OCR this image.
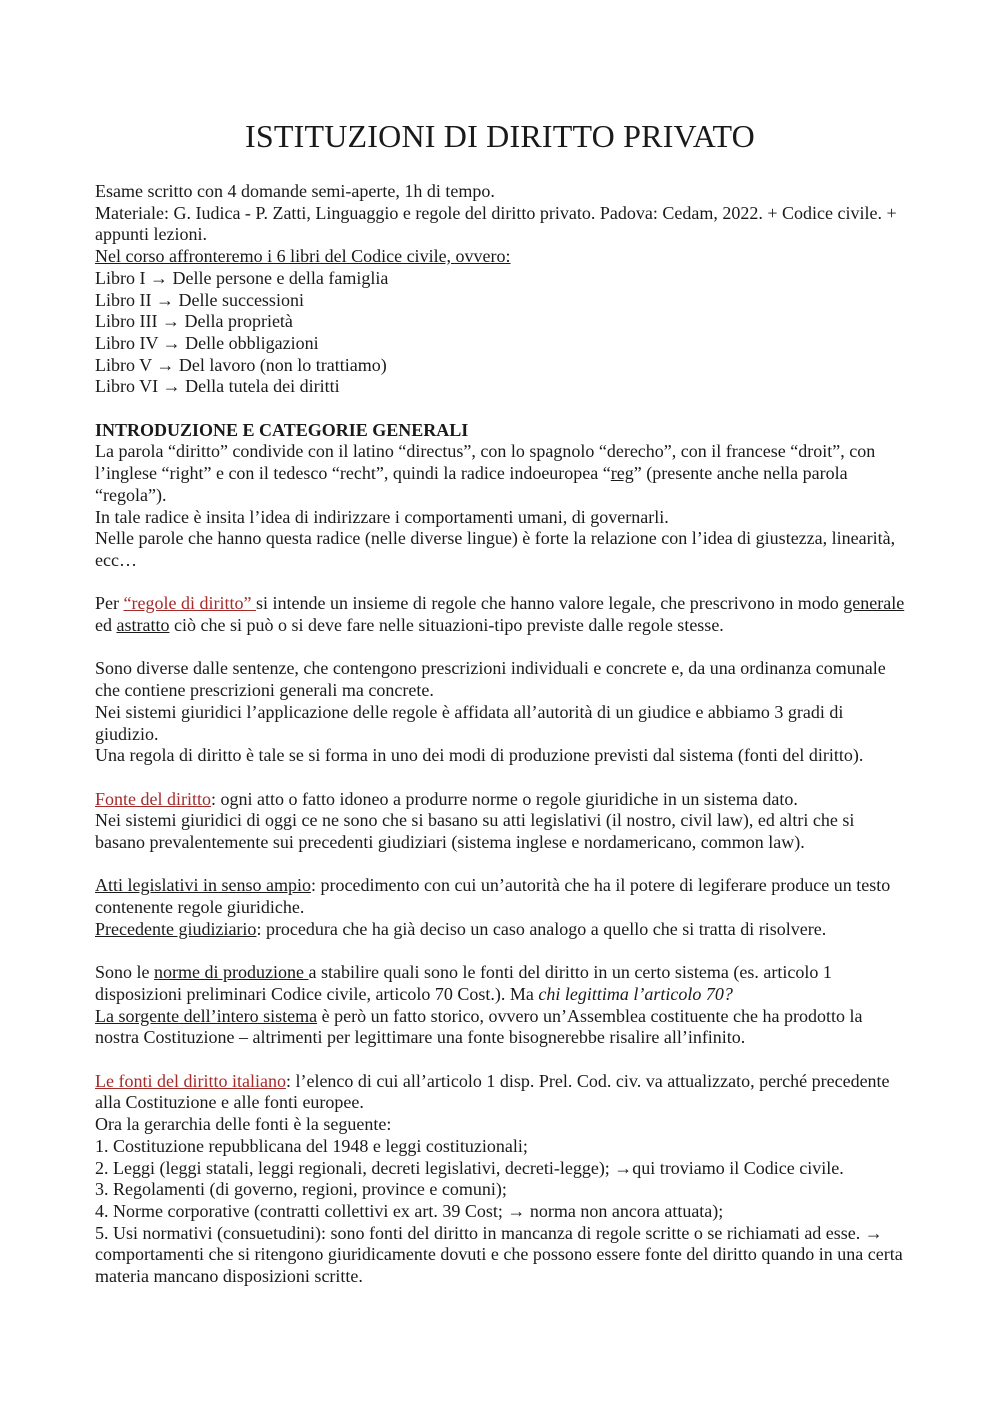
ISTITUZIONI DI DIRITTO PRIVATO

Esame scritto con 4 domande semi-aperte, 1h di tempo.

Materiale: G. Iudica - P. Zatti, Linguaggio e regole del diritto privato. Padova: Cedam, 2022. + Codice civile. + appunti lezioni.

Nel corso affronteremo i 6 libri del Codice civile, ovvero:

Libro I → Delle persone e della famiglia

Libro II → Delle successioni

Libro III → Della proprietà

Libro IV → Delle obbligazioni

Libro V → Del lavoro (non lo trattiamo)

Libro VI → Della tutela dei diritti

INTRODUZIONE E CATEGORIE GENERALI

La parola “diritto” condivide con il latino “directus”, con lo spagnolo “derecho”, con il francese “droit”, con l’inglese “right” e con il tedesco “recht”, quindi la radice indoeuropea “reg” (presente anche nella parola “regola”).

In tale radice è insita l’idea di indirizzare i comportamenti umani, di governarli.

Nelle parole che hanno questa radice (nelle diverse lingue) è forte la relazione con l’idea di giustezza, linearità, ecc…

Per “regole di diritto” si intende un insieme di regole che hanno valore legale, che prescrivono in modo generale ed astratto ciò che si può o si deve fare nelle situazioni-tipo previste dalle regole stesse.

Sono diverse dalle sentenze, che contengono prescrizioni individuali e concrete e, da una ordinanza comunale che contiene prescrizioni generali ma concrete.

Nei sistemi giuridici l’applicazione delle regole è affidata all’autorità di un giudice e abbiamo 3 gradi di giudizio.

Una regola di diritto è tale se si forma in uno dei modi di produzione previsti dal sistema (fonti del diritto).

Fonte del diritto: ogni atto o fatto idoneo a produrre norme o regole giuridiche in un sistema dato.

Nei sistemi giuridici di oggi ce ne sono che si basano su atti legislativi (il nostro, civil law), ed altri che si basano prevalentemente sui precedenti giudiziari (sistema inglese e nordamericano, common law).

Atti legislativi in senso ampio: procedimento con cui un’autorità che ha il potere di legiferare produce un testo contenente regole giuridiche.

Precedente giudiziario: procedura che ha già deciso un caso analogo a quello che si tratta di risolvere.

Sono le norme di produzione a stabilire quali sono le fonti del diritto in un certo sistema (es. articolo 1 disposizioni preliminari Codice civile, articolo 70 Cost.). Ma chi legittima l’articolo 70?

La sorgente dell’intero sistema è però un fatto storico, ovvero un’Assemblea costituente che ha prodotto la nostra Costituzione – altrimenti per legittimare una fonte bisognerebbe risalire all’infinito.

Le fonti del diritto italiano: l’elenco di cui all’articolo 1 disp. Prel. Cod. civ. va attualizzato, perché precedente alla Costituzione e alle fonti europee.

Ora la gerarchia delle fonti è la seguente:

1. Costituzione repubblicana del 1948 e leggi costituzionali;

2. Leggi (leggi statali, leggi regionali, decreti legislativi, decreti-legge); →qui troviamo il Codice civile.

3. Regolamenti (di governo, regioni, province e comuni);

4. Norme corporative (contratti collettivi ex art. 39 Cost; → norma non ancora attuata);

5. Usi normativi (consuetudini): sono fonti del diritto in mancanza di regole scritte o se richiamati ad esse. → comportamenti che si ritengono giuridicamente dovuti e che possono essere fonte del diritto quando in una certa materia mancano disposizioni scritte.
